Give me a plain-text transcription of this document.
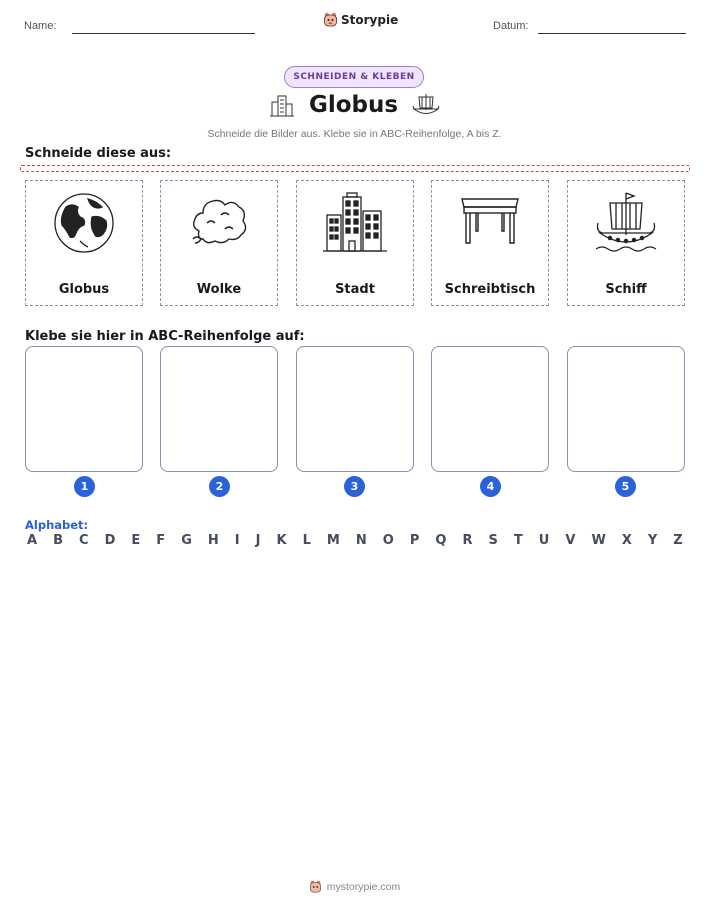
Name:	Storypie	Datum:
SCHNEIDEN & KLEBEN
Globus
Schneide die Bilder aus. Klebe sie in ABC-Reihenfolge, A bis Z.
Schneide diese aus:
Globus	Wolke	Stadt	Schreibtisch	Schiff
Klebe sie hier in ABC-Reihenfolge auf:
1	2	3	4	5
Alphabet:
A B C D E F G H I J K L M N O P Q R S T U V W X Y Z
mystorypie.com
